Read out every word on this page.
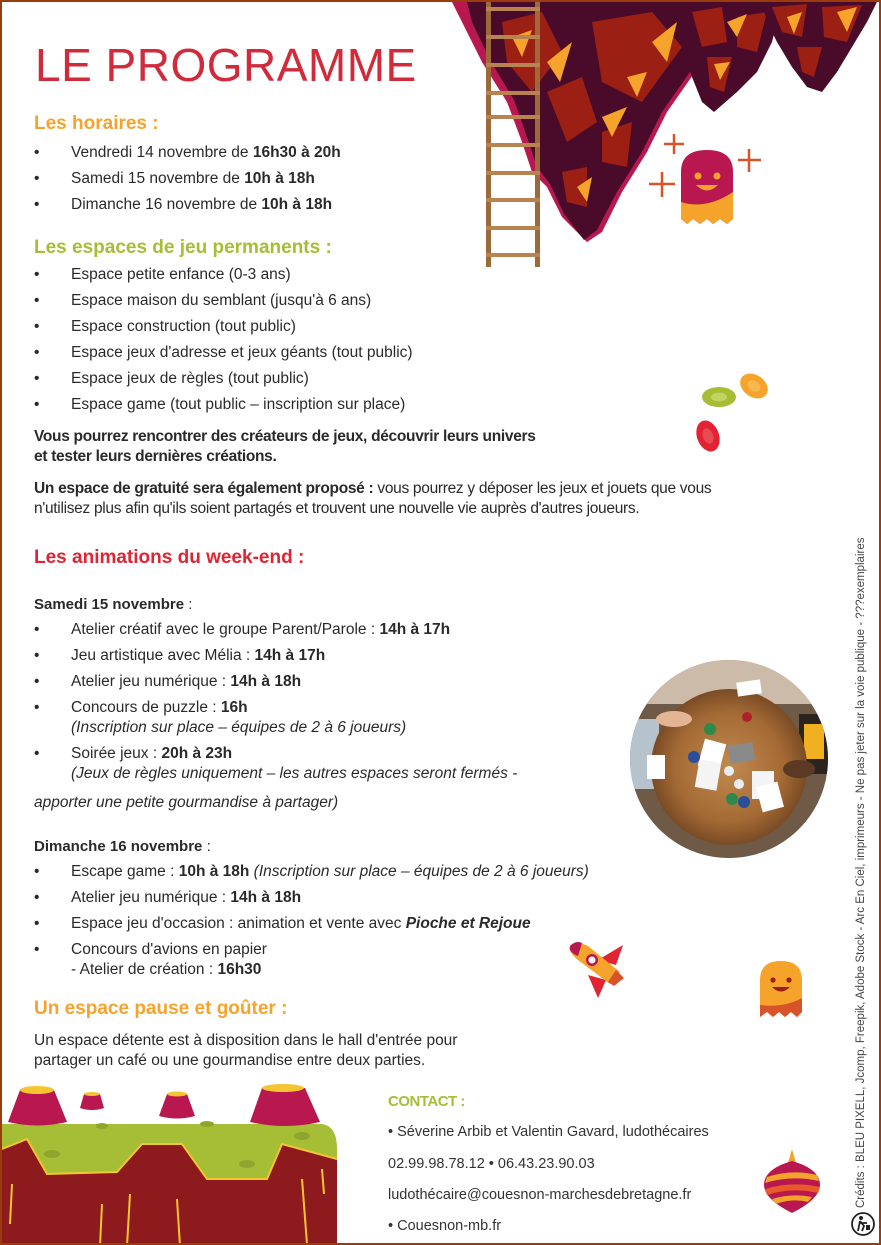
LE PROGRAMME
Les horaires :
• Vendredi 14 novembre de 16h30 à 20h
• Samedi 15 novembre de 10h à 18h
• Dimanche 16 novembre de 10h à 18h
Les espaces de jeu permanents :
• Espace petite enfance (0-3 ans)
• Espace maison du semblant (jusqu'à 6 ans)
• Espace construction (tout public)
• Espace jeux d'adresse et jeux géants (tout public)
• Espace jeux de règles (tout public)
• Espace game (tout public – inscription sur place)

Vous pourrez rencontrer des créateurs de jeux, découvrir leurs univers
et tester leurs dernières créations.

Un espace de gratuité sera également proposé : vous pourrez y déposer les jeux et jouets que vous
n'utilisez plus afin qu'ils soient partagés et trouvent une nouvelle vie auprès d'autres joueurs.

Les animations du week-end :

Samedi 15 novembre :

• Atelier créatif avec le groupe Parent/Parole : 14h à 17h
• Jeu artistique avec Mélia : 14h à 17h
• Atelier jeu numérique : 14h à 18h
• Concours de puzzle : 16h
(Inscription sur place – équipes de 2 à 6 joueurs)
• Soirée jeux : 20h à 23h
(Jeux de règles uniquement – les autres espaces seront fermés -

apporter une petite gourmandise à partager)

Dimanche 16 novembre :

• Escape game : 10h à 18h (Inscription sur place – équipes de 2 à 6 joueurs)
• Atelier jeu numérique : 14h à 18h
• Espace jeu d'occasion : animation et vente avec Pioche et Rejoue
• Concours d'avions en papier
- Atelier de création : 16h30
Un espace pause et goûter :

Un espace détente est à disposition dans le hall d'entrée pour
partager un café ou une gourmandise entre deux parties.

CONTACT :
• Séverine Arbib et Valentin Gavard, ludothécaires
02.99.98.78.12 • 06.43.23.90.03
ludothécaire@couesnon-marchesdebretagne.fr
• Couesnon-mb.fr
Crédits : BLEU PIXELL, Jcomp, Freepik, Adobe Stock - Arc En Ciel, imprimeurs - Ne pas jeter sur la voie publique - ???exemplaires
